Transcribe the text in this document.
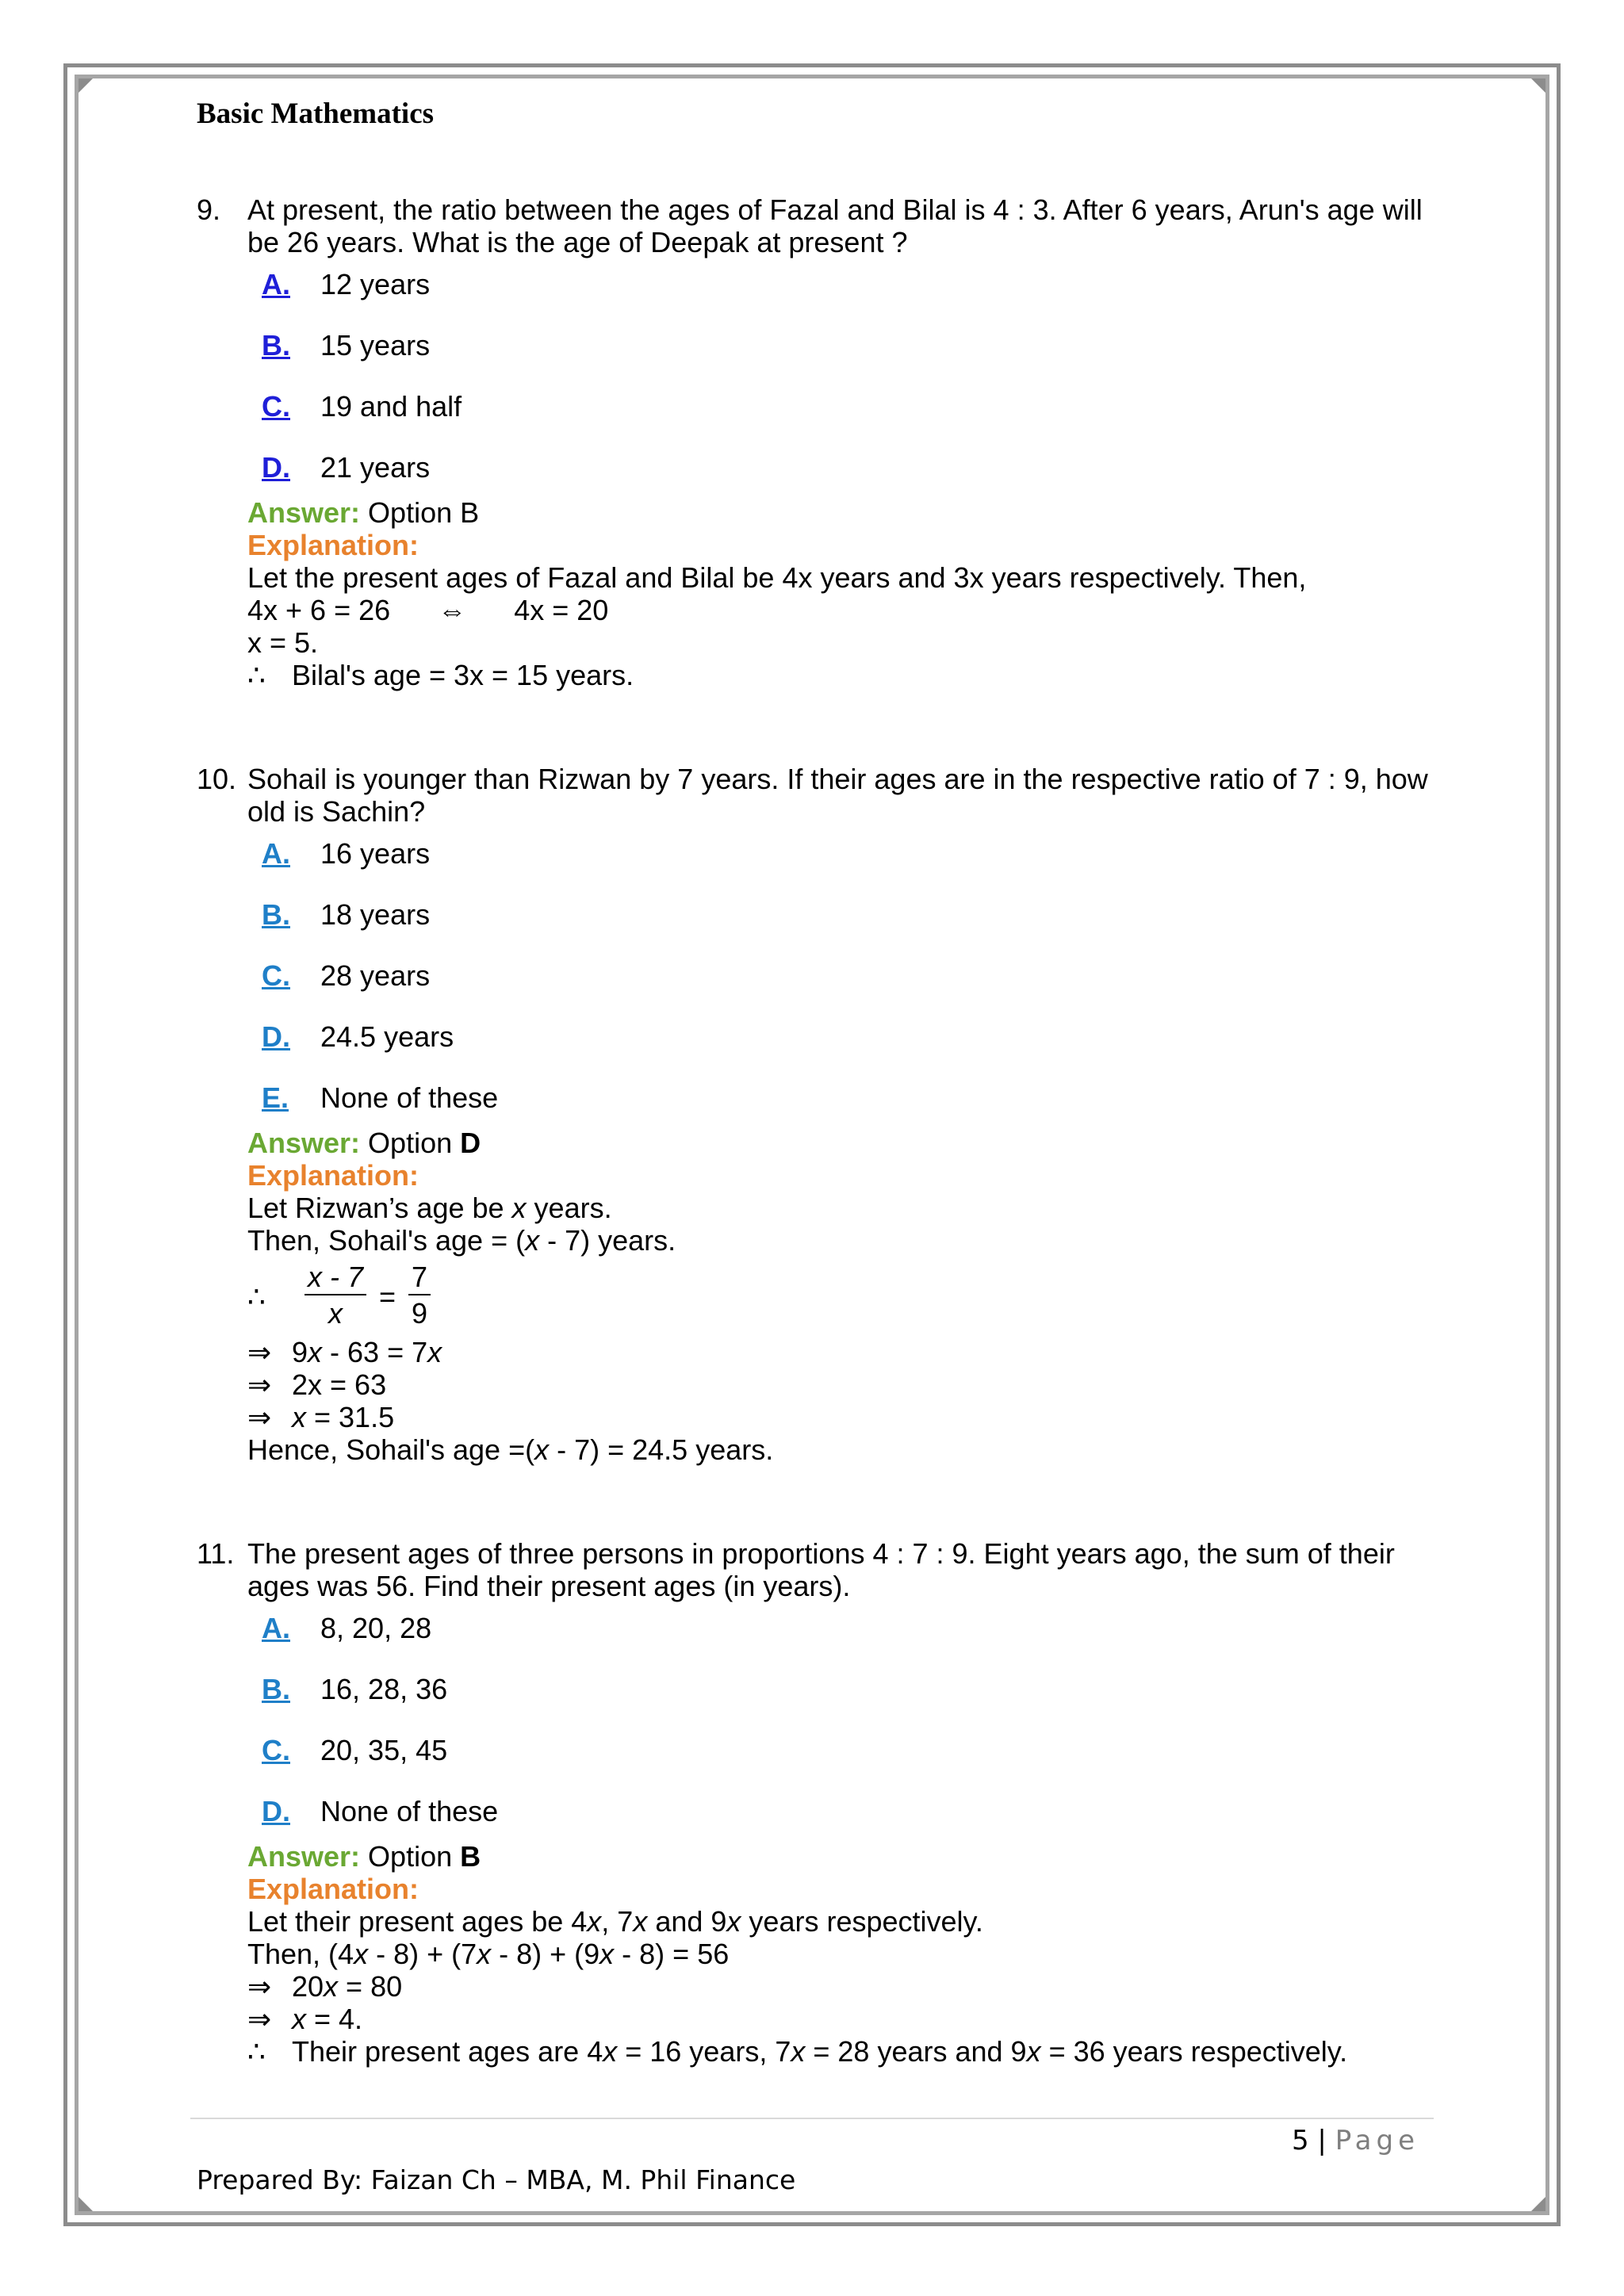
Basic Mathematics
9. At present, the ratio between the ages of Fazal and Bilal is 4 : 3. After 6 years, Arun's age will be 26 years. What is the age of Deepak at present ?

A.	12 years
B.	15 years
C.	19 and half
D.	21 years
Answer: Option B
Explanation:
Let the present ages of Fazal and Bilal be 4x years and 3x years respectively. Then,
4x + 6 = 26 ⇔ 4x = 20
x = 5.
∴ Bilal's age = 3x = 15 years.
10. Sohail is younger than Rizwan by 7 years. If their ages are in the respective ratio of 7 : 9, how old is Sachin?

A.	16 years
B.	18 years
C.	28 years
D.	24.5 years
E.	None of these
Answer: Option D
Explanation:
Let Rizwan’s age be x years.
Then, Sohail's age = (x - 7) years.
∴	$\frac{x - 7}{x} = \frac{7}{9}$
⇒ 9x - 63 = 7x
⇒ 2x = 63
⇒ x = 31.5
Hence, Sohail's age =(x - 7) = 24.5 years.
11. The present ages of three persons in proportions 4 : 7 : 9. Eight years ago, the sum of their ages was 56. Find their present ages (in years).

A.	8, 20, 28
B.	16, 28, 36
C.	20, 35, 45
D.	None of these
Answer: Option B
Explanation:
Let their present ages be 4x, 7x and 9x years respectively.
Then, (4x - 8) + (7x - 8) + (9x - 8) = 56
⇒ 20x = 80
⇒ x = 4.
∴ Their present ages are 4x = 16 years, 7x = 28 years and 9x = 36 years respectively.
5 | Page
Prepared By: Faizan Ch – MBA, M. Phil Finance
